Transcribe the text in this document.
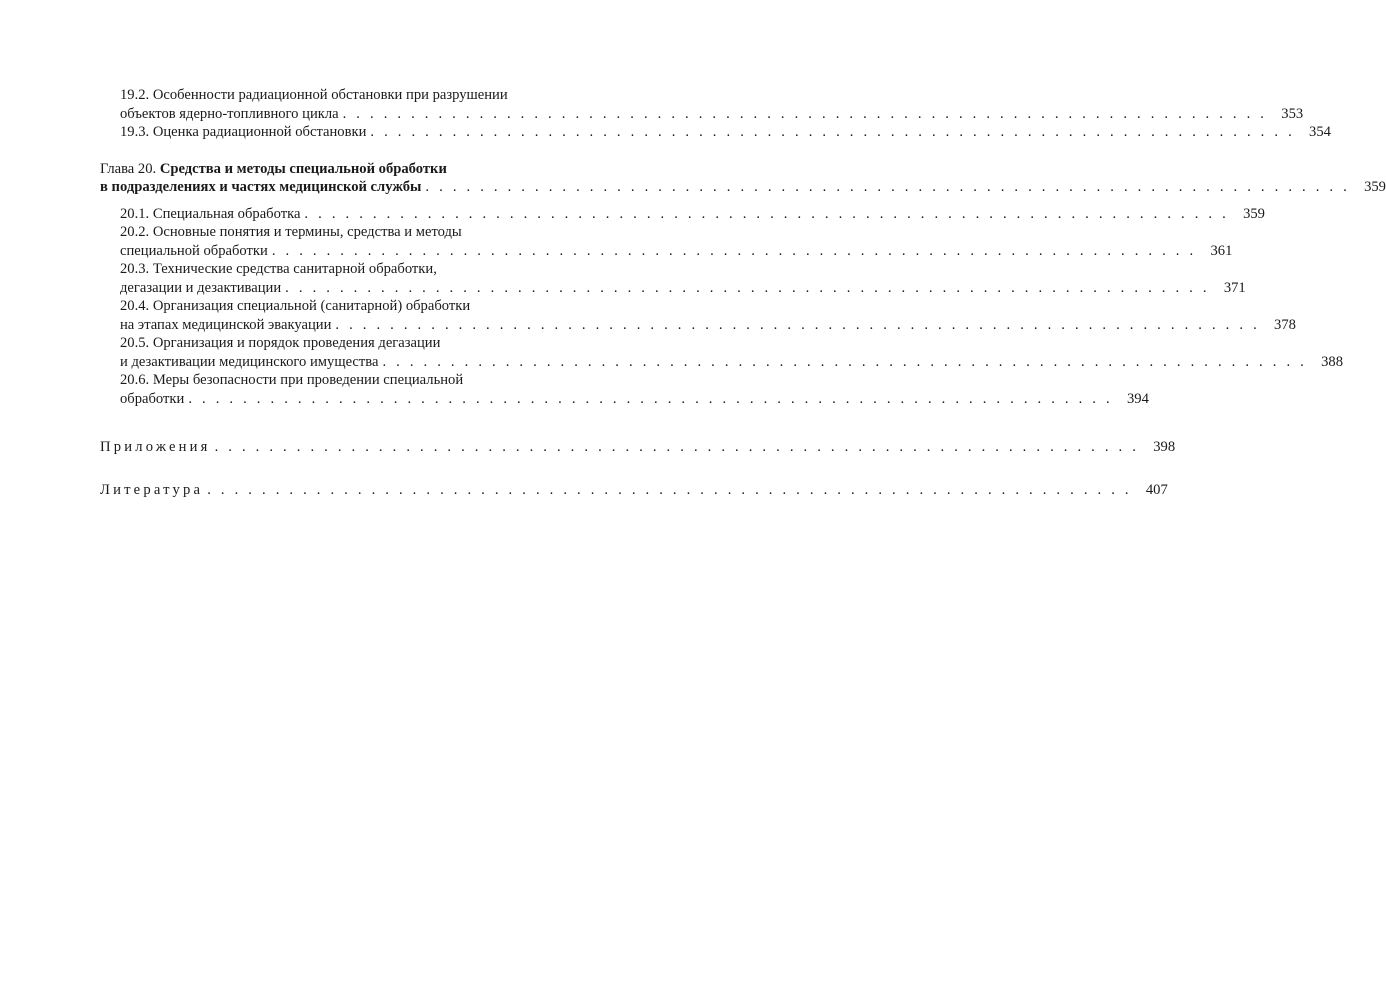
19.2. Особенности радиационной обстановки при разрушении
объектов ядерно-топливного цикла . . . . . . . . . . . . . . . . . . . . . . . . . . . . . . . . . . . . . . . . . . . . . . . . . . . . . . . . . . . . . . . . . . . . 353
19.3. Оценка радиационной обстановки . . . . . . . . . . . . . . . . . . . . . . . . . . . . . . . . . . . . . . . . . . . . . . . . . . . . . . . . . . . . . . . . . . . . 354
Глава 20. Средства и методы специальной обработки
в подразделениях и частях медицинской службы . . . . . . . . . . . . . . . . . . . . . . . . . . . . . . . . . . . . . . . . . . . . . . . . . . . . . . . . . . . . . . . . . . . . 359
20.1. Специальная обработка . . . . . . . . . . . . . . . . . . . . . . . . . . . . . . . . . . . . . . . . . . . . . . . . . . . . . . . . . . . . . . . . . . . . 359
20.2. Основные понятия и термины, средства и методы
специальной обработки . . . . . . . . . . . . . . . . . . . . . . . . . . . . . . . . . . . . . . . . . . . . . . . . . . . . . . . . . . . . . . . . . . . . 361
20.3. Технические средства санитарной обработки,
дегазации и дезактивации . . . . . . . . . . . . . . . . . . . . . . . . . . . . . . . . . . . . . . . . . . . . . . . . . . . . . . . . . . . . . . . . . . . . 371
20.4. Организация специальной (санитарной) обработки
на этапах медицинской эвакуации . . . . . . . . . . . . . . . . . . . . . . . . . . . . . . . . . . . . . . . . . . . . . . . . . . . . . . . . . . . . . . . . . . . . 378
20.5. Организация и порядок проведения дегазации
и дезактивации медицинского имущества . . . . . . . . . . . . . . . . . . . . . . . . . . . . . . . . . . . . . . . . . . . . . . . . . . . . . . . . . . . . . . . . . . . . 388
20.6. Меры безопасности при проведении специальной
обработки . . . . . . . . . . . . . . . . . . . . . . . . . . . . . . . . . . . . . . . . . . . . . . . . . . . . . . . . . . . . . . . . . . . . 394
Приложения . . . . . . . . . . . . . . . . . . . . . . . . . . . . . . . . . . . . . . . . . . . . . . . . . . . . . . . . . . . . . . . . . . . . 398
Литература . . . . . . . . . . . . . . . . . . . . . . . . . . . . . . . . . . . . . . . . . . . . . . . . . . . . . . . . . . . . . . . . . . . . 407
